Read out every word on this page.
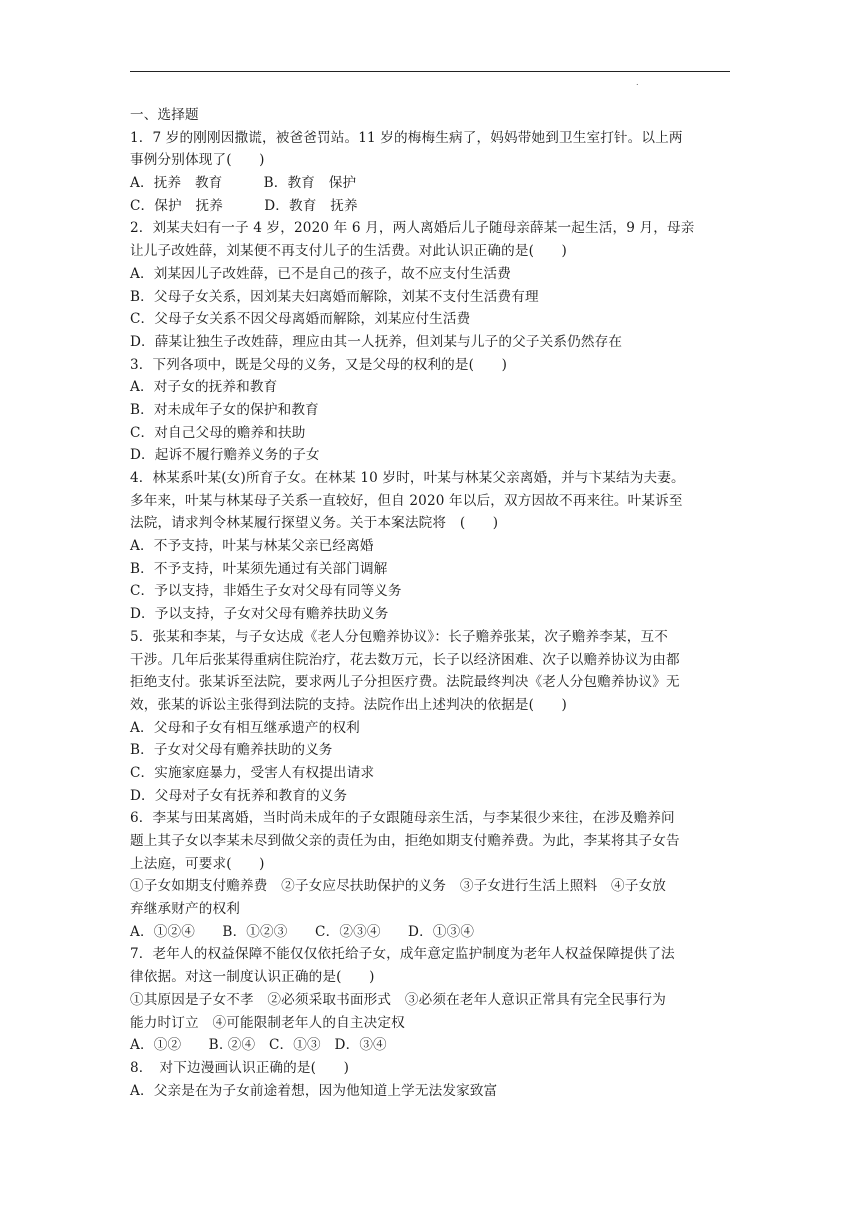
.
一、选择题
1．7 岁的刚刚因撒谎，被爸爸罚站。11 岁的梅梅生病了，妈妈带她到卫生室打针。以上两
事例分别体现了(　　)
A．抚养　教育　　　B．教育　保护
C．保护　抚养　　　D．教育　抚养
2．刘某夫妇有一子 4 岁，2020 年 6 月，两人离婚后儿子随母亲薛某一起生活，9 月，母亲
让儿子改姓薛，刘某便不再支付儿子的生活费。对此认识正确的是(　　)
A．刘某因儿子改姓薛，已不是自己的孩子，故不应支付生活费
B．父母子女关系，因刘某夫妇离婚而解除，刘某不支付生活费有理
C．父母子女关系不因父母离婚而解除，刘某应付生活费
D．薛某让独生子改姓薛，理应由其一人抚养，但刘某与儿子的父子关系仍然存在
3．下列各项中，既是父母的义务，又是父母的权利的是(　　)
A．对子女的抚养和教育
B．对未成年子女的保护和教育
C．对自己父母的赡养和扶助
D．起诉不履行赡养义务的子女
4．林某系叶某(女)所育子女。在林某 10 岁时，叶某与林某父亲离婚，并与卞某结为夫妻。
多年来，叶某与林某母子关系一直较好，但自 2020 年以后，双方因故不再来往。叶某诉至
法院，请求判令林某履行探望义务。关于本案法院将　(　　)
A．不予支持，叶某与林某父亲已经离婚
B．不予支持，叶某须先通过有关部门调解
C．予以支持，非婚生子女对父母有同等义务
D．予以支持，子女对父母有赡养扶助义务
5．张某和李某，与子女达成《老人分包赡养协议》：长子赡养张某，次子赡养李某，互不
干涉。几年后张某得重病住院治疗，花去数万元，长子以经济困难、次子以赡养协议为由都
拒绝支付。张某诉至法院，要求两儿子分担医疗费。法院最终判决《老人分包赡养协议》无
效，张某的诉讼主张得到法院的支持。法院作出上述判决的依据是(　　)
A．父母和子女有相互继承遗产的权利
B．子女对父母有赡养扶助的义务
C．实施家庭暴力，受害人有权提出请求
D．父母对子女有抚养和教育的义务
6．李某与田某离婚，当时尚未成年的子女跟随母亲生活，与李某很少来往，在涉及赡养问
题上其子女以李某未尽到做父亲的责任为由，拒绝如期支付赡养费。为此，李某将其子女告
上法庭，可要求(　　)
①子女如期支付赡养费　②子女应尽扶助保护的义务　③子女进行生活上照料　④子女放
弃继承财产的权利
A．①②④　　B．①②③　　C．②③④　　D．①③④
7．老年人的权益保障不能仅仅依托给子女，成年意定监护制度为老年人权益保障提供了法
律依据。对这一制度认识正确的是(　　)
①其原因是子女不孝　②必须采取书面形式　③必须在老年人意识正常具有完全民事行为
能力时订立　④可能限制老年人的自主决定权
A．①②　　B. ②④　C．①③　D．③④
8．　对下边漫画认识正确的是(　　)
A．父亲是在为子女前途着想，因为他知道上学无法发家致富
